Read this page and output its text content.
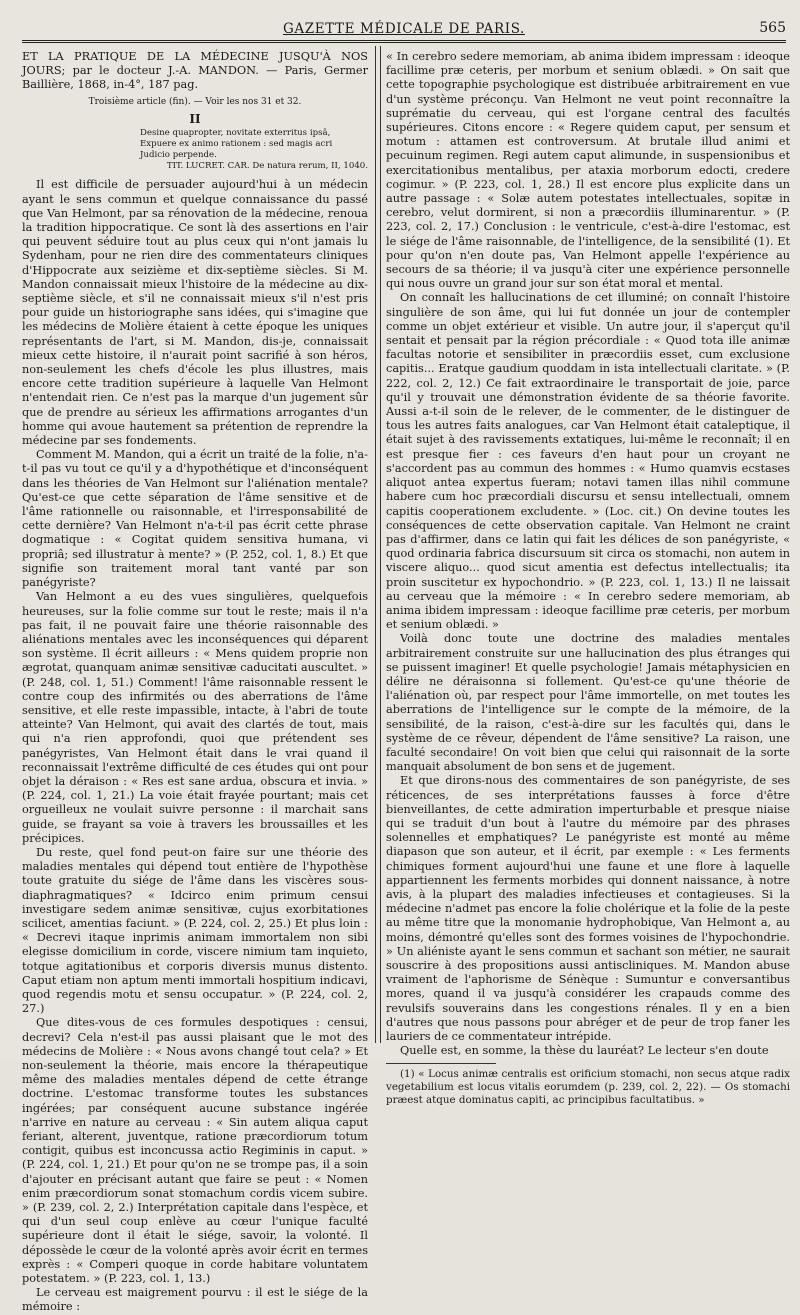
GAZETTE MÉDICALE DE PARIS.	565

ET LA PRATIQUE DE LA MÉDECINE JUSQU'À NOS JOURS; par le docteur J.-A. MANDON. — Paris, Germer Baillière, 1868, in-4°, 187 pag.

Troisième article (fin). — Voir les nos 31 et 32.
II
Desine quapropter, novitate exterritus ipsâ,
Expuere ex animo rationem : sed magis acri
Judicio perpende.
TIT. LUCRET. CAR. De natura rerum, II, 1040.

Il est difficile de persuader aujourd'hui à un médecin ayant le sens commun et quelque connaissance du passé que Van Helmont, par sa rénovation de la médecine, renoua la tradition hippocratique. Ce sont là des assertions en l'air qui peuvent séduire tout au plus ceux qui n'ont jamais lu Sydenham, pour ne rien dire des commentateurs cliniques d'Hippocrate aux seizième et dix-septième siècles. Si M. Mandon connaissait mieux l'histoire de la médecine au dix-septième siècle, et s'il ne connaissait mieux s'il n'est pris pour guide un historiographe sans idées, qui s'imagine que les médecins de Molière étaient à cette époque les uniques représentants de l'art, si M. Mandon, dis-je, connaissait mieux cette histoire, il n'aurait point sacrifié à son héros, non-seulement les chefs d'école les plus illustres, mais encore cette tradition supérieure à laquelle Van Helmont n'entendait rien. Ce n'est pas la marque d'un jugement sûr que de prendre au sérieux les affirmations arrogantes d'un homme qui avoue hautement sa prétention de reprendre la médecine par ses fondements.

Comment M. Mandon, qui a écrit un traité de la folie, n'a-t-il pas vu tout ce qu'il y a d'hypothétique et d'inconséquent dans les théories de Van Helmont sur l'aliénation mentale? Qu'est-ce que cette séparation de l'âme sensitive et de l'âme rationnelle ou raisonnable, et l'irresponsabilité de cette dernière? Van Helmont n'a-t-il pas écrit cette phrase dogmatique : « Cogitat quidem sensitiva humana, vi propriâ; sed illustratur à mente? » (P. 252, col. 1, 8.) Et que signifie son traitement moral tant vanté par son panégyriste?

Van Helmont a eu des vues singulières, quelquefois heureuses, sur la folie comme sur tout le reste; mais il n'a pas fait, il ne pouvait faire une théorie raisonnable des aliénations mentales avec les inconséquences qui déparent son système. Il écrit ailleurs : « Mens quidem proprie non ægrotat, quanquam animæ sensitivæ caducitati auscultet. » (P. 248, col. 1, 51.) Comment! l'âme raisonnable ressent le contre coup des infirmités ou des aberrations de l'âme sensitive, et elle reste impassible, intacte, à l'abri de toute atteinte? Van Helmont, qui avait des clartés de tout, mais qui n'a rien approfondi, quoi que prétendent ses panégyristes, Van Helmont était dans le vrai quand il reconnaissait l'extrême difficulté de ces études qui ont pour objet la déraison : « Res est sane ardua, obscura et invia. » (P. 224, col. 1, 21.) La voie était frayée pourtant; mais cet orgueilleux ne voulait suivre personne : il marchait sans guide, se frayant sa voie à travers les broussailles et les précipices.

Du reste, quel fond peut-on faire sur une théorie des maladies mentales qui dépend tout entière de l'hypothèse toute gratuite du siége de l'âme dans les viscères sous-diaphragmatiques? « Idcirco enim primum censui investigare sedem animæ sensitivæ, cujus exorbitationes scilicet, amentias faciunt. » (P. 224, col. 2, 25.) Et plus loin : « Decrevi itaque inprimis animam immortalem non sibi elegisse domicilium in corde, viscere nimium tam inquieto, totque agitationibus et corporis diversis munus distento. Caput etiam non aptum menti immortali hospitium indicavi, quod regendis motu et sensu occupatur. » (P. 224, col. 2, 27.)

Que dites-vous de ces formules despotiques : censui, decrevi? Cela n'est-il pas aussi plaisant que le mot des médecins de Molière : « Nous avons changé tout cela? » Et non-seulement la théorie, mais encore la thérapeutique même des maladies mentales dépend de cette étrange doctrine. L'estomac transforme toutes les substances ingérées; par conséquent aucune substance ingérée n'arrive en nature au cerveau : « Sin autem aliqua caput feriant, alterent, juventque, ratione præcordiorum totum contigit, quibus est inconcussa actio Regiminis in caput. » (P. 224, col. 1, 21.) Et pour qu'on ne se trompe pas, il a soin d'ajouter en précisant autant que faire se peut : « Nomen enim præcordiorum sonat stomachum cordis vicem subire. » (P. 239, col. 2, 2.) Interprétation capitale dans l'espèce, et qui d'un seul coup enlève au cœur l'unique faculté supérieure dont il était le siége, savoir, la volonté. Il dépossède le cœur de la volonté après avoir écrit en termes exprès : « Comperi quoque in corde habitare voluntatem potestatem. » (P. 223, col. 1, 13.)

Le cerveau est maigrement pourvu : il est le siége de la mémoire :

« In cerebro sedere memoriam, ab anima ibidem impressam : ideoque facillime præ ceteris, per morbum et senium oblædi. » On sait que cette topographie psychologique est distribuée arbitrairement en vue d'un système préconçu. Van Helmont ne veut point reconnaître la suprématie du cerveau, qui est l'organe central des facultés supérieures. Citons encore : « Regere quidem caput, per sensum et motum : attamen est controversum. At brutale illud animi et pecuinum regimen. Regi autem caput alimunde, in suspensionibus et exercitationibus mentalibus, per ataxia morborum edocti, credere cogimur. » (P. 223, col. 1, 28.) Il est encore plus explicite dans un autre passage : « Solæ autem potestates intellectuales, sopitæ in cerebro, velut dormirent, si non a præcordiis illuminarentur. » (P. 223, col. 2, 17.) Conclusion : le ventricule, c'est-à-dire l'estomac, est le siége de l'âme raisonnable, de l'intelligence, de la sensibilité (1). Et pour qu'on n'en doute pas, Van Helmont appelle l'expérience au secours de sa théorie; il va jusqu'à citer une expérience personnelle qui nous ouvre un grand jour sur son état moral et mental.

On connaît les hallucinations de cet illuminé; on connaît l'histoire singulière de son âme, qui lui fut donnée un jour de contempler comme un objet extérieur et visible. Un autre jour, il s'aperçut qu'il sentait et pensait par la région précordiale : « Quod tota ille animæ facultas notorie et sensibiliter in præcordiis esset, cum exclusione capitis... Eratque gaudium quoddam in ista intellectuali claritate. » (P. 222, col. 2, 12.) Ce fait extraordinaire le transportait de joie, parce qu'il y trouvait une démonstration évidente de sa théorie favorite. Aussi a-t-il soin de le relever, de le commenter, de le distinguer de tous les autres faits analogues, car Van Helmont était cataleptique, il était sujet à des ravissements extatiques, lui-même le reconnaît; il en est presque fier : ces faveurs d'en haut pour un croyant ne s'accordent pas au commun des hommes : « Humo quamvis ecstases aliquot antea expertus fueram; notavi tamen illas nihil commune habere cum hoc præcordiali discursu et sensu intellectuali, omnem capitis cooperationem excludente. » (Loc. cit.) On devine toutes les conséquences de cette observation capitale. Van Helmont ne craint pas d'affirmer, dans ce latin qui fait les délices de son panégyriste, « quod ordinaria fabrica discursuum sit circa os stomachi, non autem in viscere aliquo... quod sicut amentia est defectus intellectualis; ita proin suscitetur ex hypochondrio. » (P. 223, col. 1, 13.) Il ne laissait au cerveau que la mémoire : « In cerebro sedere memoriam, ab anima ibidem impressam : ideoque facillime præ ceteris, per morbum et senium oblædi. »

Voilà donc toute une doctrine des maladies mentales arbitrairement construite sur une hallucination des plus étranges qui se puissent imaginer! Et quelle psychologie! Jamais métaphysicien en délire ne déraisonna si follement. Qu'est-ce qu'une théorie de l'aliénation où, par respect pour l'âme immortelle, on met toutes les aberrations de l'intelligence sur le compte de la mémoire, de la sensibilité, de la raison, c'est-à-dire sur les facultés qui, dans le système de ce rêveur, dépendent de l'âme sensitive? La raison, une faculté secondaire! On voit bien que celui qui raisonnait de la sorte manquait absolument de bon sens et de jugement.

Et que dirons-nous des commentaires de son panégyriste, de ses réticences, de ses interprétations fausses à force d'être bienveillantes, de cette admiration imperturbable et presque niaise qui se traduit d'un bout à l'autre du mémoire par des phrases solennelles et emphatiques? Le panégyriste est monté au même diapason que son auteur, et il écrit, par exemple : « Les ferments chimiques forment aujourd'hui une faune et une flore à laquelle appartiennent les ferments morbides qui donnent naissance, à notre avis, à la plupart des maladies infectieuses et contagieuses. Si la médecine n'admet pas encore la folie cholérique et la folie de la peste au même titre que la monomanie hydrophobique, Van Helmont a, au moins, démontré qu'elles sont des formes voisines de l'hypochondrie. » Un aliéniste ayant le sens commun et sachant son métier, ne saurait souscrire à des propositions aussi antiscliniques. M. Mandon abuse vraiment de l'aphorisme de Sénèque : Sumuntur e conversantibus mores, quand il va jusqu'à considérer les crapauds comme des revulsifs souverains dans les congestions rénales. Il y en a bien d'autres que nous passons pour abréger et de peur de trop faner les lauriers de ce commentateur intrépide.

Quelle est, en somme, la thèse du lauréat? Le lecteur s'en doute

(1) « Locus animæ centralis est orificium stomachi, non secus atque radix vegetabilium est locus vitalis eorumdem (p. 239, col. 2, 22). — Os stomachi præest atque dominatus capiti, ac principibus facultatibus. »
